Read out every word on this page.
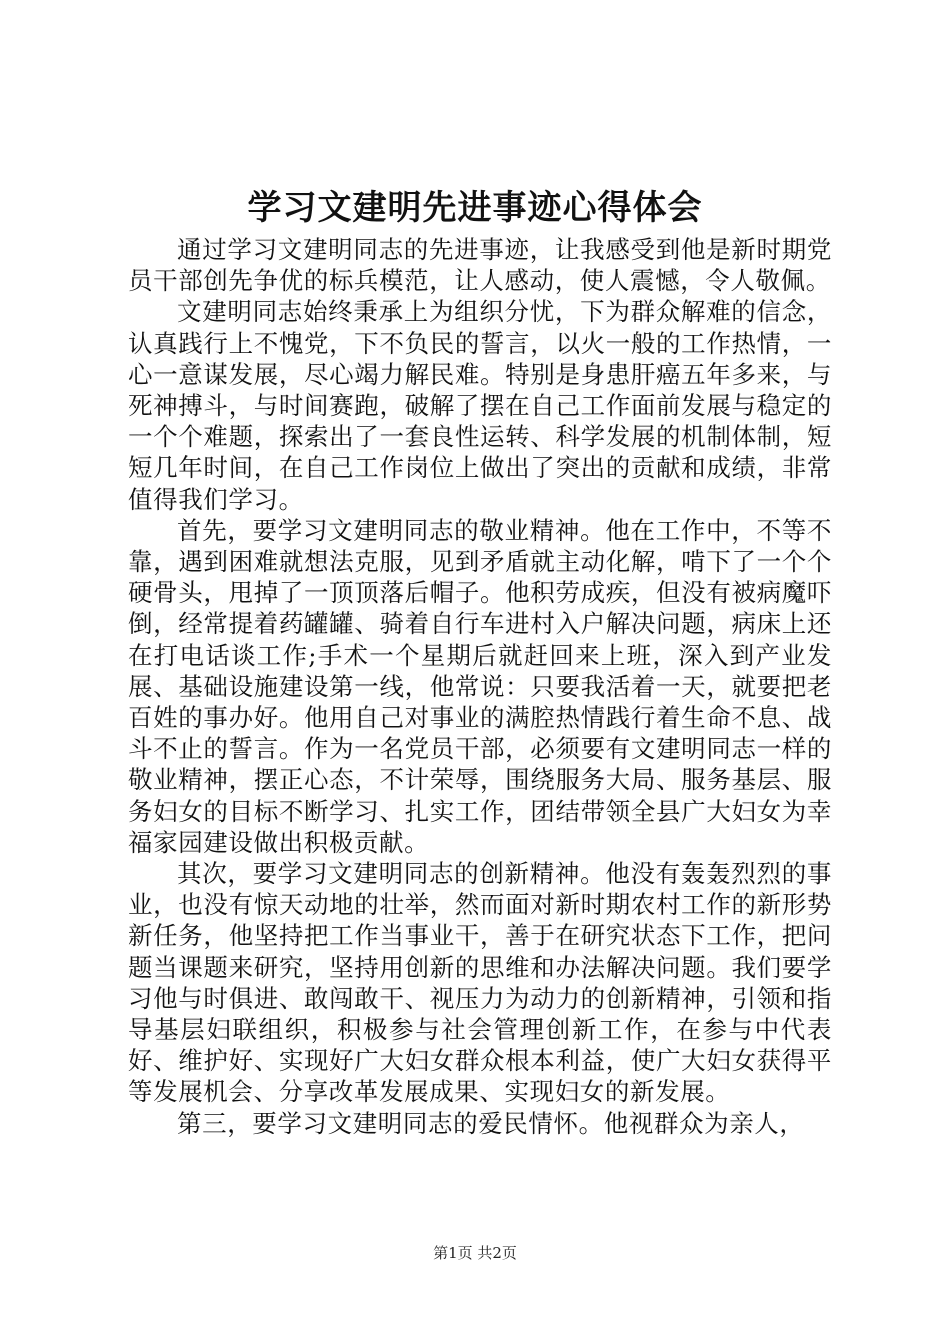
学习文建明先进事迹心得体会

通过学习文建明同志的先进事迹，让我感受到他是新时期党员干部创先争优的标兵模范，让人感动，使人震憾，令人敬佩。

文建明同志始终秉承上为组织分忧，下为群众解难的信念，认真践行上不愧党，下不负民的誓言，以火一般的工作热情，一心一意谋发展，尽心竭力解民难。特别是身患肝癌五年多来，与死神搏斗，与时间赛跑，破解了摆在自己工作面前发展与稳定的一个个难题，探索出了一套良性运转、科学发展的机制体制，短短几年时间，在自己工作岗位上做出了突出的贡献和成绩，非常值得我们学习。

首先，要学习文建明同志的敬业精神。他在工作中，不等不靠，遇到困难就想法克服，见到矛盾就主动化解，啃下了一个个硬骨头，甩掉了一顶顶落后帽子。他积劳成疾，但没有被病魔吓倒，经常提着药罐罐、骑着自行车进村入户解决问题，病床上还在打电话谈工作;手术一个星期后就赶回来上班，深入到产业发展、基础设施建设第一线，他常说：只要我活着一天，就要把老百姓的事办好。他用自己对事业的满腔热情践行着生命不息、战斗不止的誓言。作为一名党员干部，必须要有文建明同志一样的敬业精神，摆正心态，不计荣辱，围绕服务大局、服务基层、服务妇女的目标不断学习、扎实工作，团结带领全县广大妇女为幸福家园建设做出积极贡献。

其次，要学习文建明同志的创新精神。他没有轰轰烈烈的事业，也没有惊天动地的壮举，然而面对新时期农村工作的新形势新任务，他坚持把工作当事业干，善于在研究状态下工作，把问题当课题来研究，坚持用创新的思维和办法解决问题。我们要学习他与时俱进、敢闯敢干、视压力为动力的创新精神，引领和指导基层妇联组织，积极参与社会管理创新工作，在参与中代表好、维护好、实现好广大妇女群众根本利益，使广大妇女获得平等发展机会、分享改革发展成果、实现妇女的新发展。

第三，要学习文建明同志的爱民情怀。他视群众为亲人，

第1页 共2页
